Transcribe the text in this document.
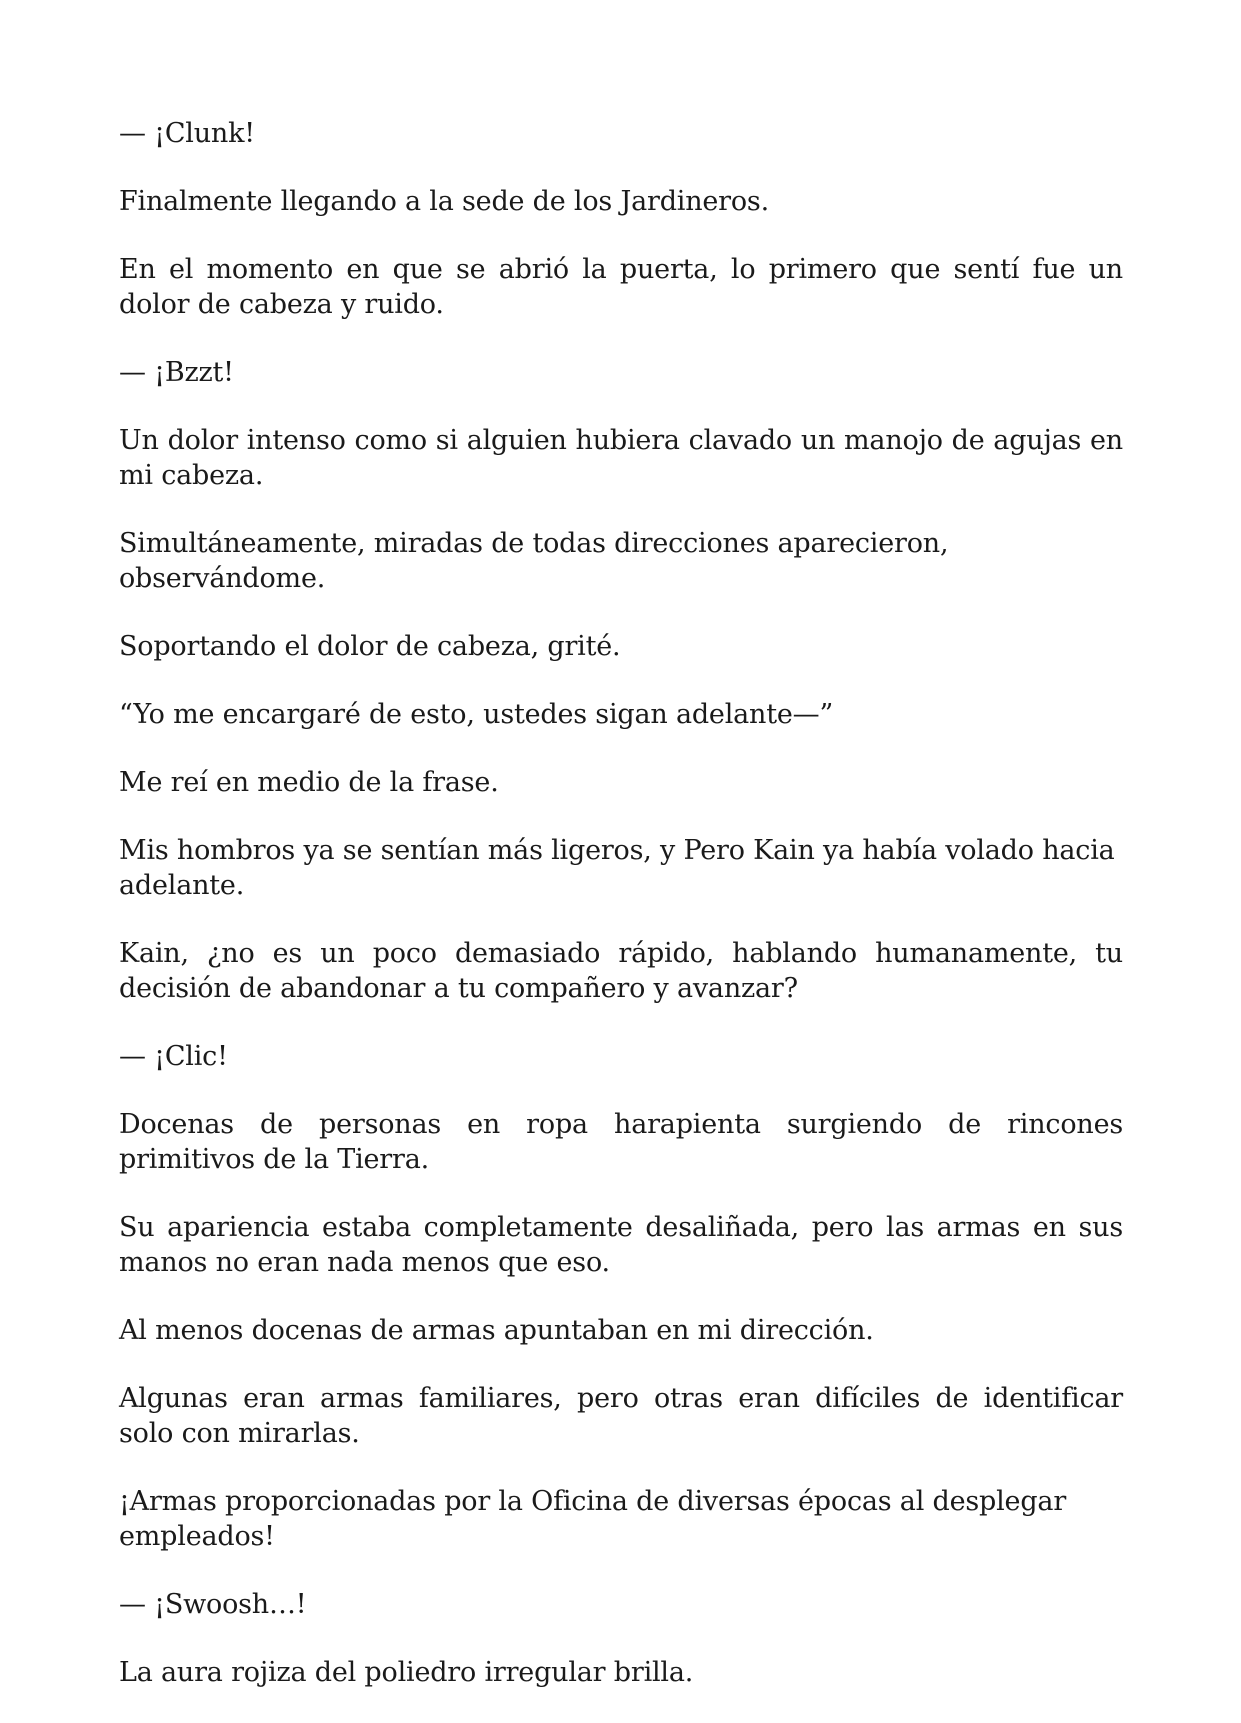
— ¡Clunk!

Finalmente llegando a la sede de los Jardineros.

En el momento en que se abrió la puerta, lo primero que sentí fue un dolor de cabeza y ruido.

— ¡Bzzt!

Un dolor intenso como si alguien hubiera clavado un manojo de agujas en mi cabeza.

Simultáneamente, miradas de todas direcciones aparecieron, observándome.

Soportando el dolor de cabeza, grité.

“Yo me encargaré de esto, ustedes sigan adelante—”

Me reí en medio de la frase.

Mis hombros ya se sentían más ligeros, y Pero Kain ya había volado hacia adelante.

Kain, ¿no es un poco demasiado rápido, hablando humanamente, tu decisión de abandonar a tu compañero y avanzar?

— ¡Clic!

Docenas de personas en ropa harapienta surgiendo de rincones primitivos de la Tierra.

Su apariencia estaba completamente desaliñada, pero las armas en sus manos no eran nada menos que eso.

Al menos docenas de armas apuntaban en mi dirección.

Algunas eran armas familiares, pero otras eran difíciles de identificar solo con mirarlas.

¡Armas proporcionadas por la Oficina de diversas épocas al desplegar empleados!

— ¡Swoosh…!

La aura rojiza del poliedro irregular brilla.
